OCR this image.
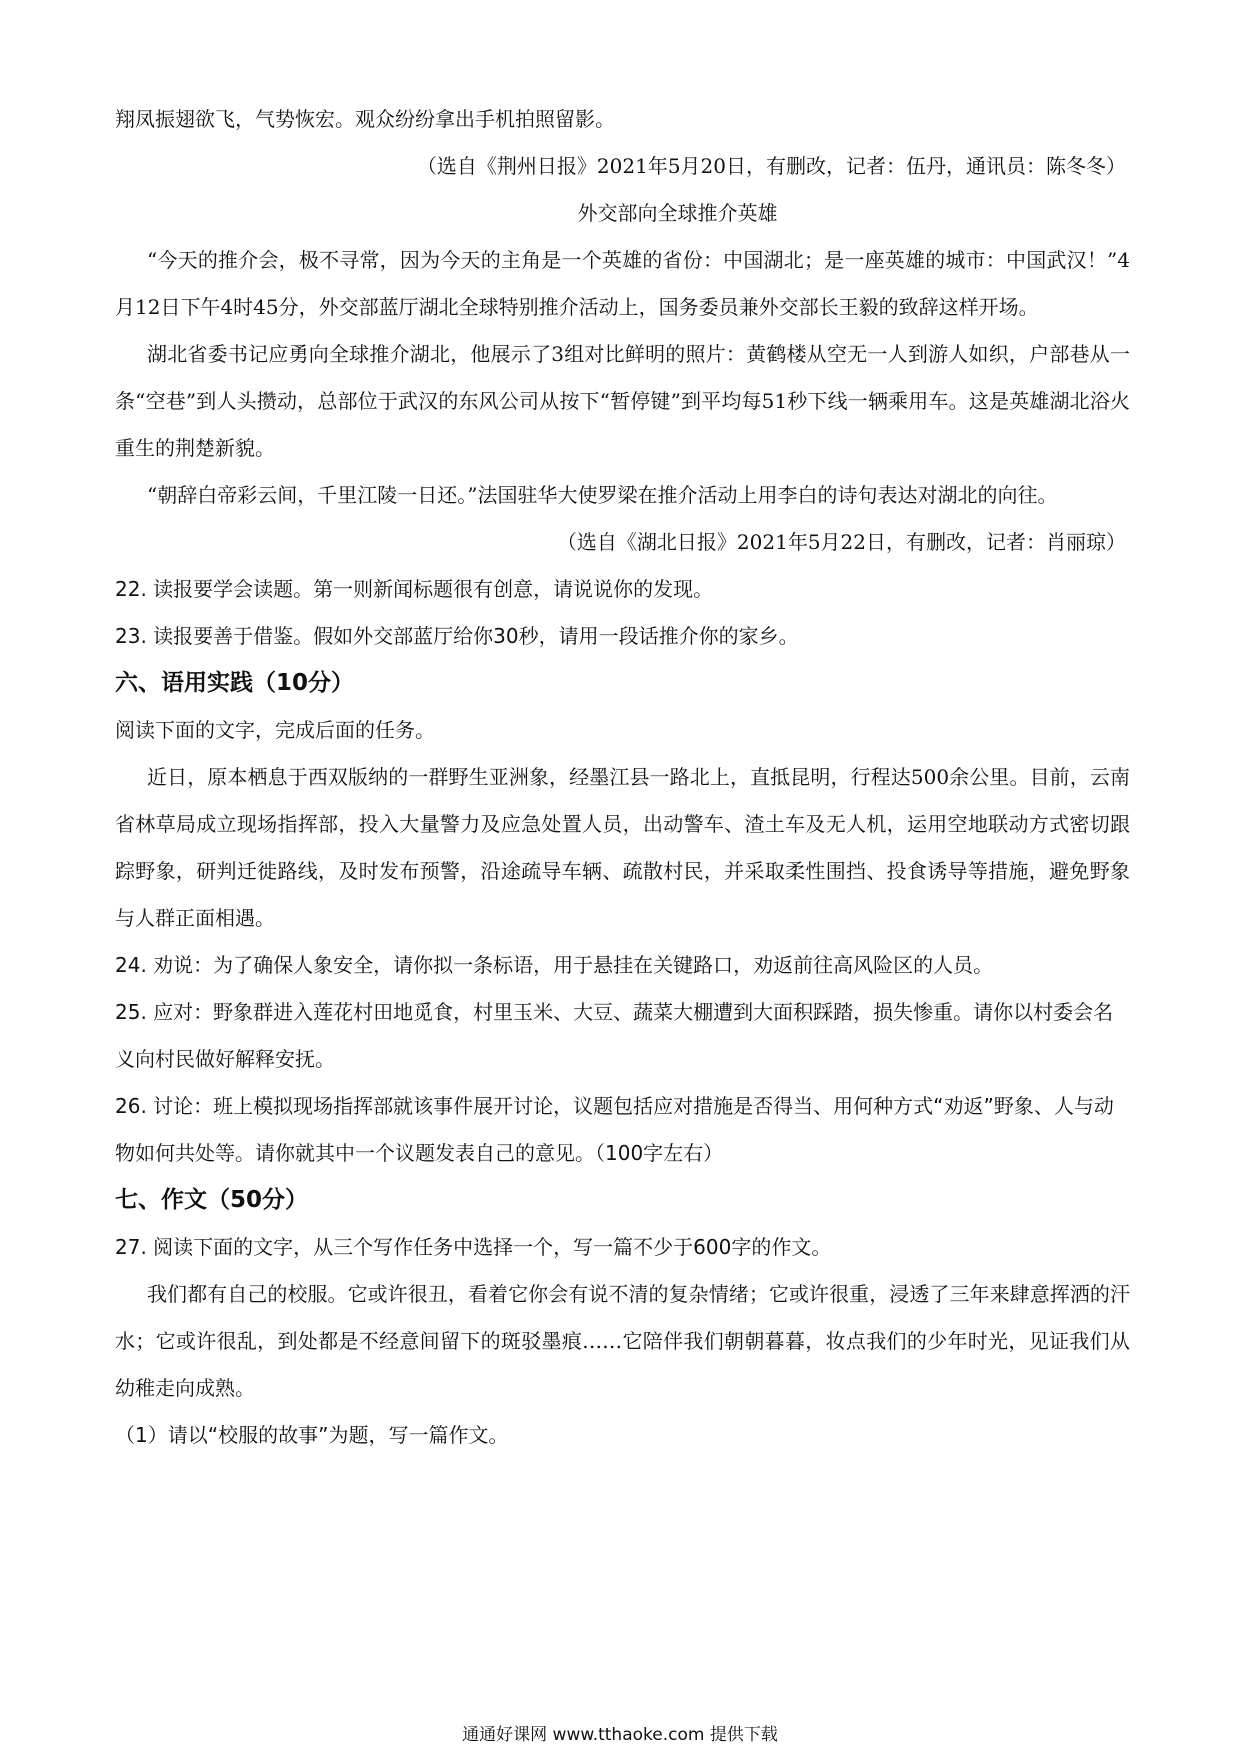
翔凤振翅欲飞，气势恢宏。观众纷纷拿出手机拍照留影。

（选自《荆州日报》2021年5月20日，有删改，记者：伍丹，通讯员：陈冬冬）

外交部向全球推介英雄

“今天的推介会，极不寻常，因为今天的主角是一个英雄的省份：中国湖北；是一座英雄的城市：中国武汉！”4月12日下午4时45分，外交部蓝厅湖北全球特别推介活动上，国务委员兼外交部长王毅的致辞这样开场。

湖北省委书记应勇向全球推介湖北，他展示了3组对比鲜明的照片：黄鹤楼从空无一人到游人如织，户部巷从一条“空巷”到人头攒动，总部位于武汉的东风公司从按下“暂停键”到平均每51秒下线一辆乘用车。这是英雄湖北浴火重生的荆楚新貌。

“朝辞白帝彩云间，千里江陵一日还。”法国驻华大使罗梁在推介活动上用李白的诗句表达对湖北的向往。

（选自《湖北日报》2021年5月22日，有删改，记者：肖丽琼）

22. 读报要学会读题。第一则新闻标题很有创意，请说说你的发现。

23. 读报要善于借鉴。假如外交部蓝厅给你30秒，请用一段话推介你的家乡。

六、语用实践（10分）

阅读下面的文字，完成后面的任务。

近日，原本栖息于西双版纳的一群野生亚洲象，经墨江县一路北上，直抵昆明，行程达500余公里。目前，云南省林草局成立现场指挥部，投入大量警力及应急处置人员，出动警车、渣土车及无人机，运用空地联动方式密切跟踪野象，研判迁徙路线，及时发布预警，沿途疏导车辆、疏散村民，并采取柔性围挡、投食诱导等措施，避免野象与人群正面相遇。

24. 劝说：为了确保人象安全，请你拟一条标语，用于悬挂在关键路口，劝返前往高风险区的人员。

25. 应对：野象群进入莲花村田地觅食，村里玉米、大豆、蔬菜大棚遭到大面积踩踏，损失惨重。请你以村委会名义向村民做好解释安抚。

26. 讨论：班上模拟现场指挥部就该事件展开讨论，议题包括应对措施是否得当、用何种方式“劝返”野象、人与动物如何共处等。请你就其中一个议题发表自己的意见。（100字左右）

七、作文（50分）

27. 阅读下面的文字，从三个写作任务中选择一个，写一篇不少于600字的作文。

我们都有自己的校服。它或许很丑，看着它你会有说不清的复杂情绪；它或许很重，浸透了三年来肆意挥洒的汗水；它或许很乱，到处都是不经意间留下的斑驳墨痕……它陪伴我们朝朝暮暮，妆点我们的少年时光，见证我们从幼稚走向成熟。

（1）请以“校服的故事”为题，写一篇作文。

通通好课网 www.tthaoke.com 提供下载
